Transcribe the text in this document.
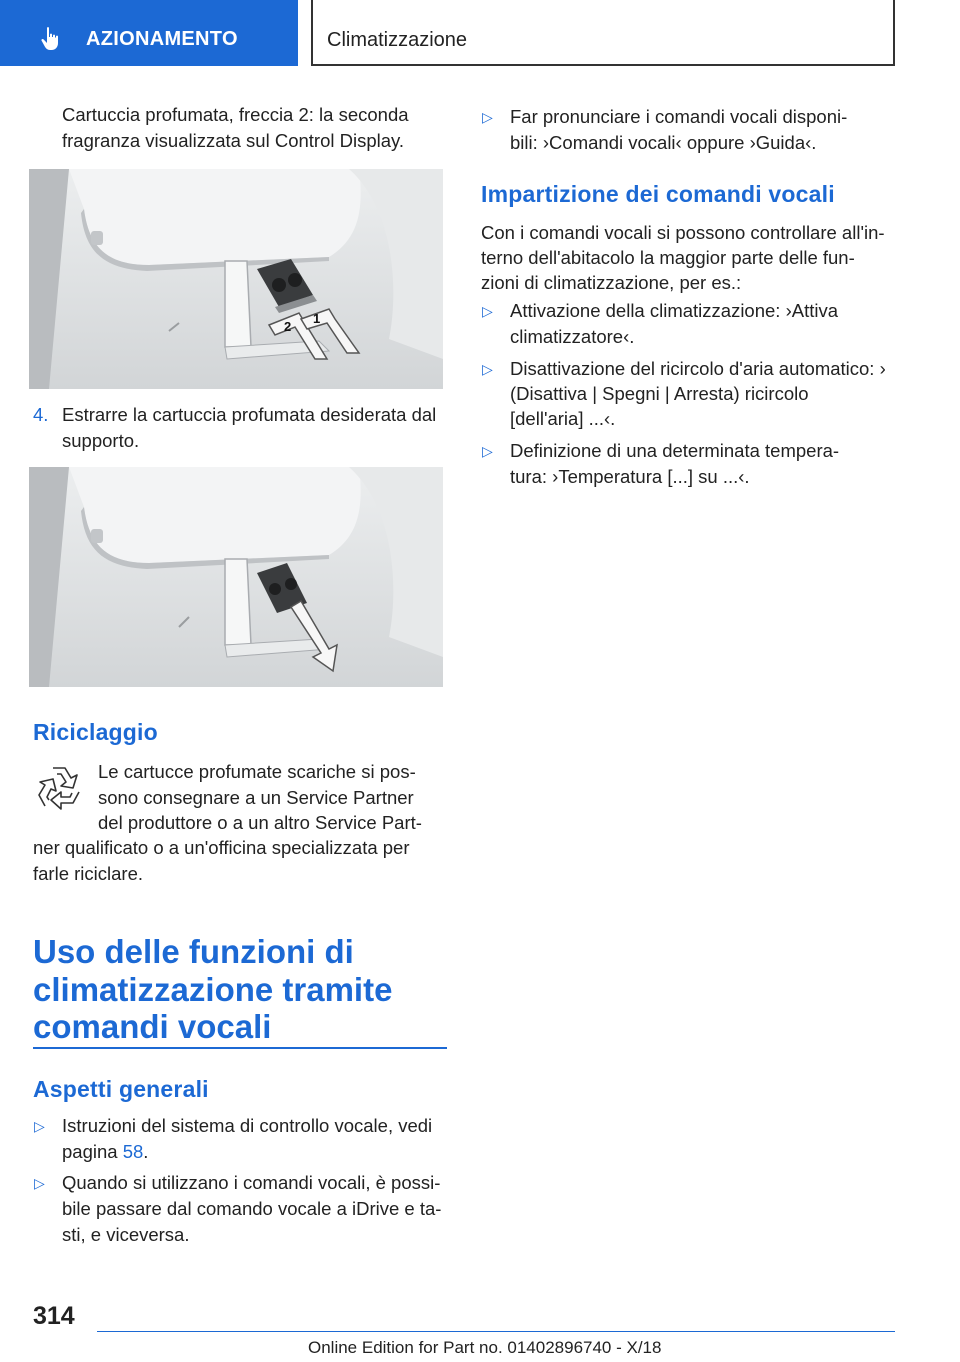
AZIONAMENTO	Climatizzazione
Cartuccia profumata, freccia 2: la seconda
fragranza visualizzata sul Control Display.
2
1
4. Estrarre la cartuccia profumata desiderata dal
supporto.
Riciclaggio
Le cartucce profumate scariche si pos-
sono consegnare a un Service Partner
del produttore o a un altro Service Part-
ner qualificato o a un'officina specializzata per
farle riciclare.
Uso delle funzioni di
climatizzazione tramite
comandi vocali
Aspetti generali
▷ Istruzioni del sistema di controllo vocale, vedi
pagina 58.
▷ Quando si utilizzano i comandi vocali, è possi-
bile passare dal comando vocale a iDrive e ta-
sti, e viceversa.
▷ Far pronunciare i comandi vocali disponi-
bili: ›Comandi vocali‹ oppure ›Guida‹.
Impartizione dei comandi vocali
Con i comandi vocali si possono controllare all'in-
terno dell'abitacolo la maggior parte delle fun-
zioni di climatizzazione, per es.:
▷ Attivazione della climatizzazione: ›Attiva
climatizzatore‹.
▷ Disattivazione del ricircolo d'aria automatico: ›
(Disattiva | Spegni | Arresta) ricircolo
[dell'aria] ...‹.
▷ Definizione di una determinata tempera-
tura: ›Temperatura [...] su ...‹.
314
Online Edition for Part no. 01402896740 - X/18
